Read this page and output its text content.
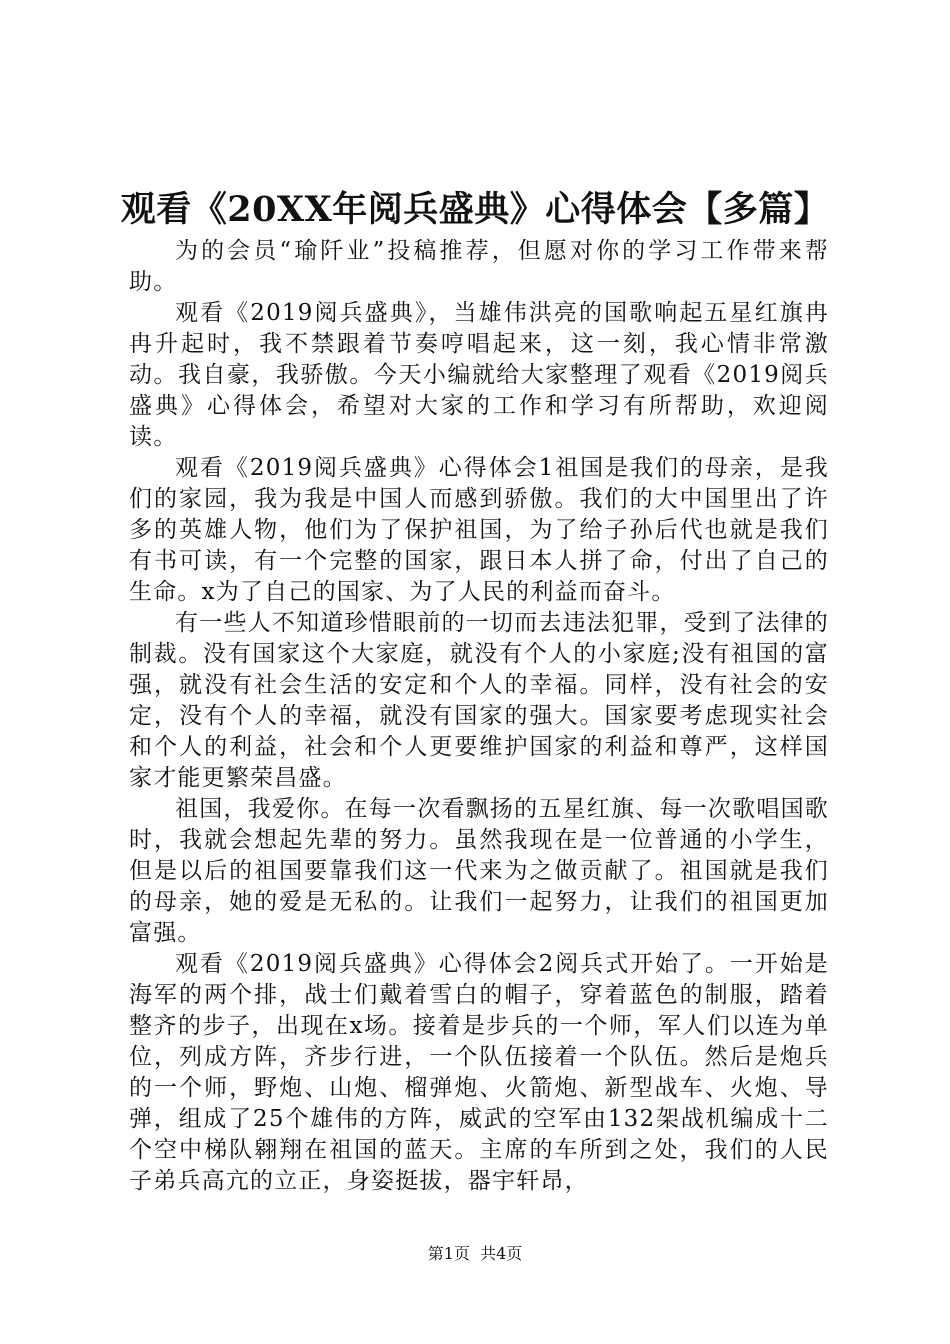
观看《20XX年阅兵盛典》心得体会【多篇】

为的会员“瑜阡业”投稿推荐，但愿对你的学习工作带来帮助。

观看《2019阅兵盛典》，当雄伟洪亮的国歌响起五星红旗冉冉升起时，我不禁跟着节奏哼唱起来，这一刻，我心情非常激动。我自豪，我骄傲。今天小编就给大家整理了观看《2019阅兵盛典》心得体会，希望对大家的工作和学习有所帮助，欢迎阅读。

观看《2019阅兵盛典》心得体会1祖国是我们的母亲，是我们的家园，我为我是中国人而感到骄傲。我们的大中国里出了许多的英雄人物，他们为了保护祖国，为了给子孙后代也就是我们有书可读，有一个完整的国家，跟日本人拼了命，付出了自己的生命。x为了自己的国家、为了人民的利益而奋斗。

有一些人不知道珍惜眼前的一切而去违法犯罪，受到了法律的制裁。没有国家这个大家庭，就没有个人的小家庭;没有祖国的富强，就没有社会生活的安定和个人的幸福。同样，没有社会的安定，没有个人的幸福，就没有国家的强大。国家要考虑现实社会和个人的利益，社会和个人更要维护国家的利益和尊严，这样国家才能更繁荣昌盛。

祖国，我爱你。在每一次看飘扬的五星红旗、每一次歌唱国歌时，我就会想起先辈的努力。虽然我现在是一位普通的小学生，但是以后的祖国要靠我们这一代来为之做贡献了。祖国就是我们的母亲，她的爱是无私的。让我们一起努力，让我们的祖国更加富强。

观看《2019阅兵盛典》心得体会2阅兵式开始了。一开始是海军的两个排，战士们戴着雪白的帽子，穿着蓝色的制服，踏着整齐的步子，出现在x场。接着是步兵的一个师，军人们以连为单位，列成方阵，齐步行进，一个队伍接着一个队伍。然后是炮兵的一个师，野炮、山炮、榴弹炮、火箭炮、新型战车、火炮、导弹，组成了25个雄伟的方阵，威武的空军由132架战机编成十二个空中梯队翱翔在祖国的蓝天。主席的车所到之处，我们的人民子弟兵高亢的立正，身姿挺拔，器宇轩昂，

第1页  共4页
